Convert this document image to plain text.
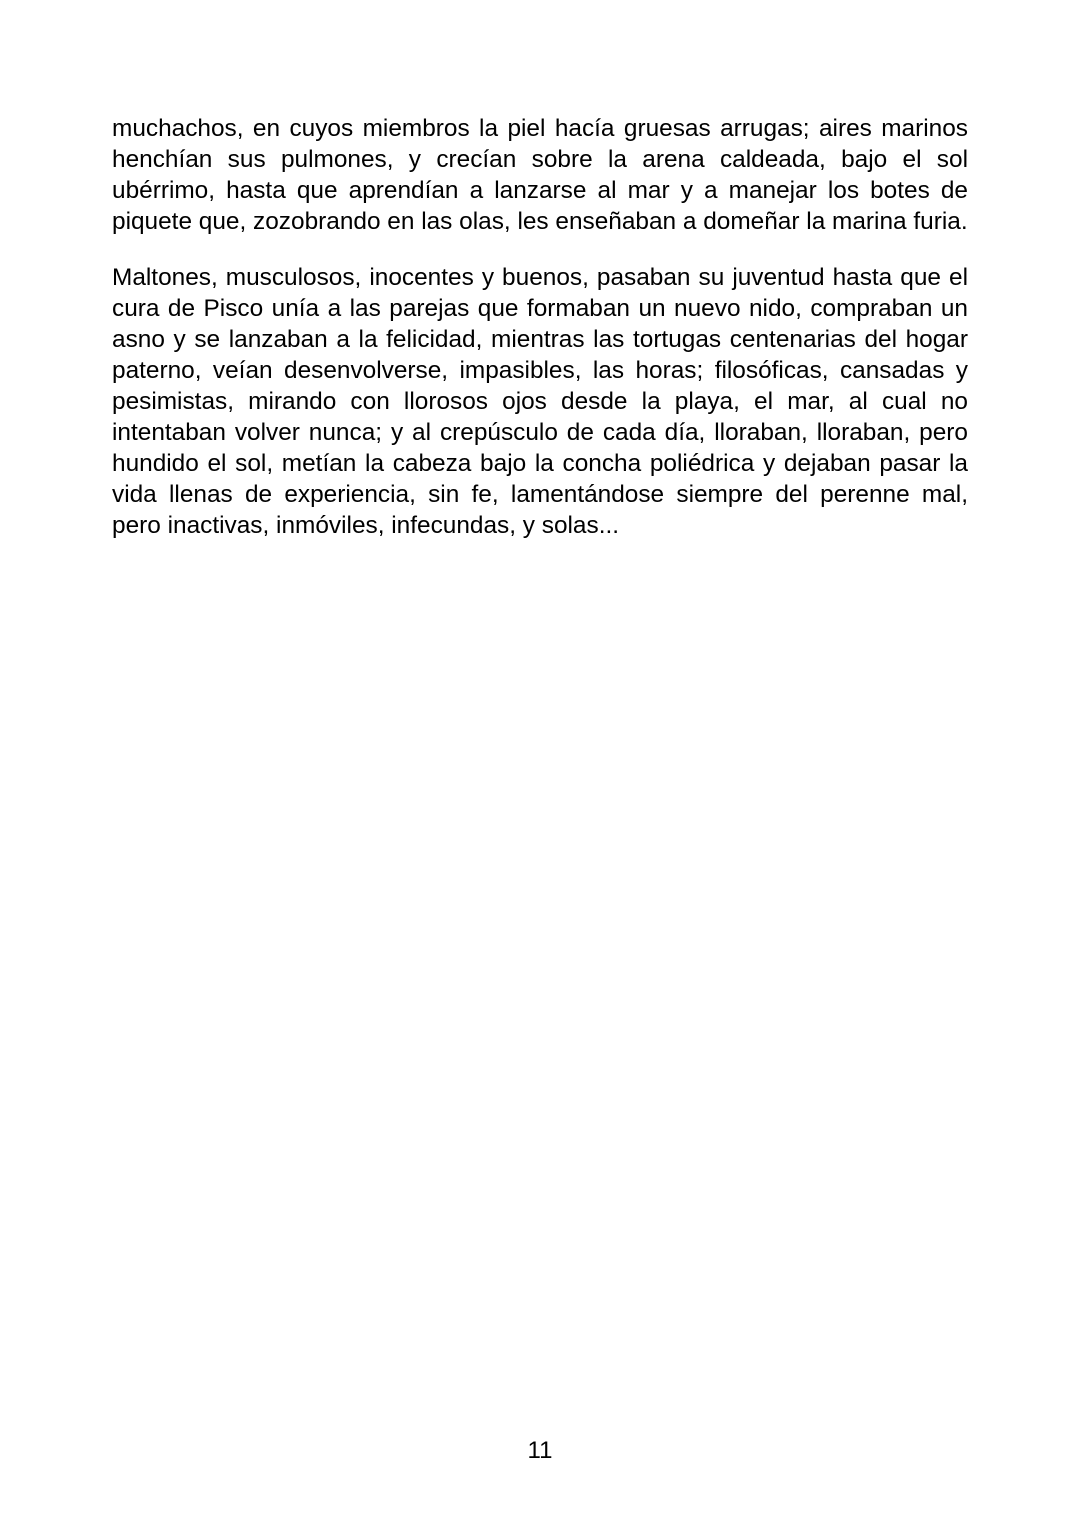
muchachos, en cuyos miembros la piel hacía gruesas arrugas; aires marinos henchían sus pulmones, y crecían sobre la arena caldeada, bajo el sol ubérrimo, hasta que aprendían a lanzarse al mar y a manejar los botes de piquete que, zozobrando en las olas, les enseñaban a domeñar la marina furia.

Maltones, musculosos, inocentes y buenos, pasaban su juventud hasta que el cura de Pisco unía a las parejas que formaban un nuevo nido, compraban un asno y se lanzaban a la felicidad, mientras las tortugas centenarias del hogar paterno, veían desenvolverse, impasibles, las horas; filosóficas, cansadas y pesimistas, mirando con llorosos ojos desde la playa, el mar, al cual no intentaban volver nunca; y al crepúsculo de cada día, lloraban, lloraban, pero hundido el sol, metían la cabeza bajo la concha poliédrica y dejaban pasar la vida llenas de experiencia, sin fe, lamentándose siempre del perenne mal, pero inactivas, inmóviles, infecundas, y solas...

11
